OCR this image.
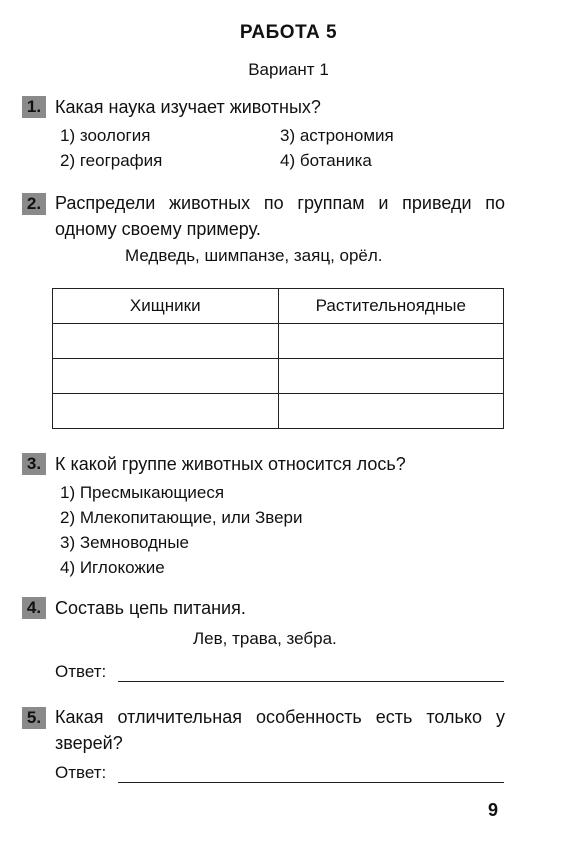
РАБОТА 5
Вариант 1
1. Какая наука изучает животных?
1) зоология
2) география
3) астрономия
4) ботаника
2. Распредели животных по группам и приведи по одному своему примеру.
Медведь, шимпанзе, заяц, орёл.
Хищники	Растительноядные

3. К какой группе животных относится лось?
1) Пресмыкающиеся
2) Млекопитающие, или Звери
3) Земноводные
4) Иглокожие
4. Составь цепь питания.
Лев, трава, зебра.
Ответ:
5. Какая отличительная особенность есть только у зверей?
Ответ:
9
